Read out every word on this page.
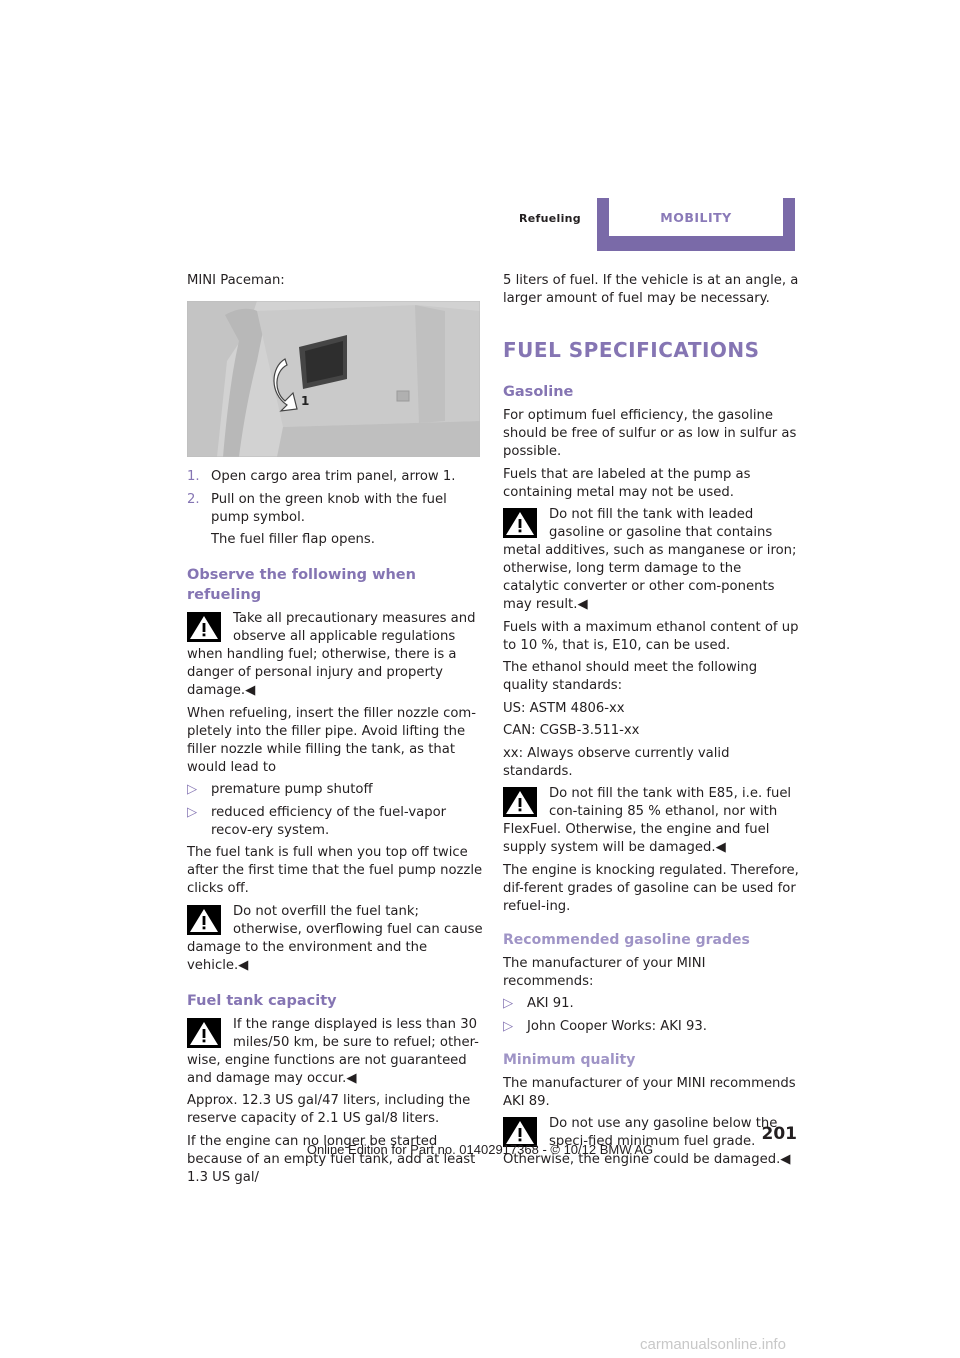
Refueling	MOBILITY

MINI Paceman:

1
1. Open cargo area trim panel, arrow 1.
2. Pull on the green knob with the fuel pump symbol.
The fuel filler flap opens.
Observe the following when refueling
Take all precautionary measures and observe all applicable regulations when handling fuel; otherwise, there is a danger of personal injury and property damage.◀

When refueling, insert the filler nozzle com-pletely into the filler pipe. Avoid lifting the filler nozzle while filling the tank, as that would lead to

▷	premature pump shutoff
▷	reduced efficiency of the fuel-vapor recov-ery system.

The fuel tank is full when you top off twice after the first time that the fuel pump nozzle clicks off.

Do not overfill the fuel tank; otherwise, overflowing fuel can cause damage to the environment and the vehicle.◀
Fuel tank capacity
If the range displayed is less than 30 miles/50 km, be sure to refuel; other-wise, engine functions are not guaranteed and damage may occur.◀

Approx. 12.3 US gal/47 liters, including the reserve capacity of 2.1 US gal/8 liters.

If the engine can no longer be started because of an empty fuel tank, add at least 1.3 US gal/

5 liters of fuel. If the vehicle is at an angle, a larger amount of fuel may be necessary.

FUEL SPECIFICATIONS
Gasoline

For optimum fuel efficiency, the gasoline should be free of sulfur or as low in sulfur as possible.

Fuels that are labeled at the pump as containing metal may not be used.

Do not fill the tank with leaded gasoline or gasoline that contains metal additives, such as manganese or iron; otherwise, long term damage to the catalytic converter or other com-ponents may result.◀

Fuels with a maximum ethanol content of up to 10 %, that is, E10, can be used.

The ethanol should meet the following quality standards:

US: ASTM 4806-xx

CAN: CGSB-3.511-xx

xx: Always observe currently valid standards.

Do not fill the tank with E85, i.e. fuel con-taining 85 % ethanol, nor with FlexFuel. Otherwise, the engine and fuel supply system will be damaged.◀

The engine is knocking regulated. Therefore, dif-ferent grades of gasoline can be used for refuel-ing.

Recommended gasoline grades

The manufacturer of your MINI recommends:

▷	AKI 91.
▷	John Cooper Works: AKI 93.
Minimum quality

The manufacturer of your MINI recommends AKI 89.

Do not use any gasoline below the speci-fied minimum fuel grade. Otherwise, the engine could be damaged.◀
201
Online Edition for Part no. 01402917368 - © 10/12 BMW AG
carmanualsonline.info
